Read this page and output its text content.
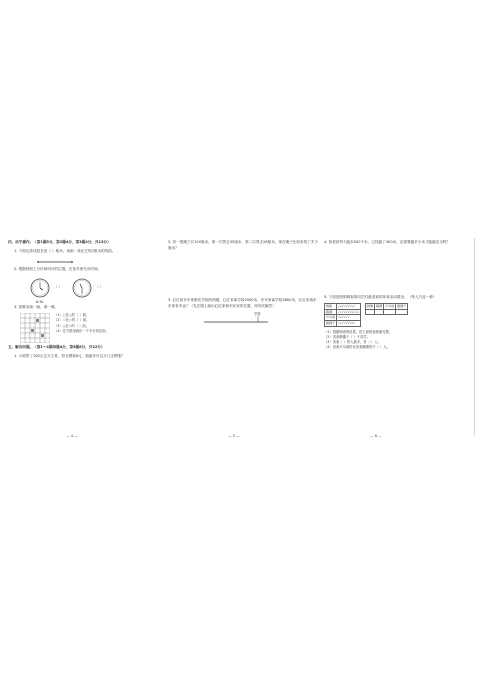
四、动手操作。（第1题5分，第2题4分，第3题4分，共13分）
1. 下面这条线段长是（ ）厘米，再画一条比它短2厘米的线段。
2. 根据钟面上分针和时针的位置，在括号里写出时间。
（ ）	（ ）
6:30
3. 按要求画一画，填一填。
（1）□在△的（ ）面。
（2）☆在○的（ ）面。
（3）△在☆的（ ）面。
（4）在方格里画出一个平行四边形。
五、解决问题。（第1～4题每题4分，第5题6分，共22分）
1. 小明带了100元去买文具，每支钢笔8元，他最多可以买几支钢笔？
— 4 —
2. 有一根绳子长100厘米，第一次剪去35厘米，第二次剪去28厘米，现在绳子比原来短了多少厘米？
3. 红红和东东家都在学校的两端，红红家离学校2000米，东东家离学校2800米，红红家离东东家有多远？（先在图上画出红红家和东东家的位置，再列式解答）
学校
— 5 —
4. 张叔叔每天跑步500千米，已经跑了400米，还需要跑多少米才能跑完全程？
5. 下面是明明调查的同学们最喜欢的体育活动情况。（每人只选一种）
跳绳	√√√√√√√√√
踢毽	√√√√√√√√√√√
乒乓球	√√√√√√
踢毽子	√√√√√√√√√
跳绳	踢毽	乒乓球	踢毽子

（1）根据调查的结果，把上面的表格填完整。
（2）喜欢踢毽子（ ）个同学。
（3）喜欢（ ）的人最多，有（ ）人。
（4）喜欢乒乓球的比喜欢跳绳的少（ ）人。
— 6 —
